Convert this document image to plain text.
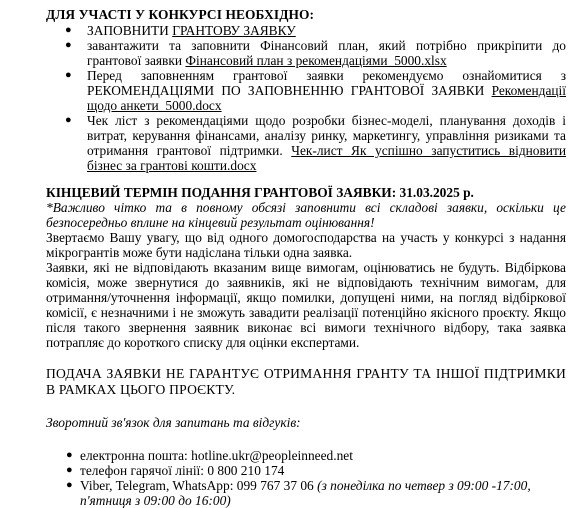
ДЛЯ УЧАСТІ У КОНКУРСІ НЕОБХІДНО:
● ЗАПОВНИТИ ГРАНТОВУ ЗАЯВКУ
● завантажити та заповнити Фінансовий план, який потрібно прикріпити до грантової заявки Фінансовий план з рекомендаціями_5000.xlsx
● Перед заповненням грантової заявки рекомендуємо ознайомитися з РЕКОМЕНДАЦІЯМИ ПО ЗАПОВНЕННЮ ГРАНТОВОЇ ЗАЯВКИ Рекомендації щодо анкети_5000.docx
● Чек ліст з рекомендаціями щодо розробки бізнес-моделі, планування доходів і витрат, керування фінансами, аналізу ринку, маркетингу, управління ризиками та отримання грантової підтримки. Чек-лист Як успішно запуститись відновити бізнес за грантові кошти.docx
КІНЦЕВИЙ ТЕРМІН ПОДАННЯ ГРАНТОВОЇ ЗАЯВКИ: 31.03.2025 р.
*Важливо чітко та в повному обсязі заповнити всі складові заявки, оскільки це безпосередньо вплине на кінцевий результат оцінювання!
Звертаємо Вашу увагу, що від одного домогосподарства на участь у конкурсі з надання мікрогрантів може бути надіслана тільки одна заявка.
Заявки, які не відповідають вказаним вище вимогам, оцінюватись не будуть. Відбіркова комісія, може звернутися до заявників, які не відповідають технічним вимогам, для отримання/уточнення інформації, якщо помилки, допущені ними, на погляд відбіркової комісії, є незначними і не зможуть завадити реалізації потенційно якісного проєкту. Якщо після такого звернення заявник виконає всі вимоги технічного відбору, така заявка потрапляє до короткого списку для оцінки експертами.
ПОДАЧА ЗАЯВКИ НЕ ГАРАНТУЄ ОТРИМАННЯ ГРАНТУ ТА ІНШОЇ ПІДТРИМКИ В РАМКАХ ЦЬОГО ПРОЄКТУ.
Зворотний зв'язок для запитань та відгуків:
● електронна пошта: hotline.ukr@peopleinneed.net
● телефон гарячої лінії: 0 800 210 174
● Viber, Telegram, WhatsApp: 099 767 37 06 (з понеділка по четвер з 09:00 -17:00, п'ятниця з 09:00 до 16:00)
